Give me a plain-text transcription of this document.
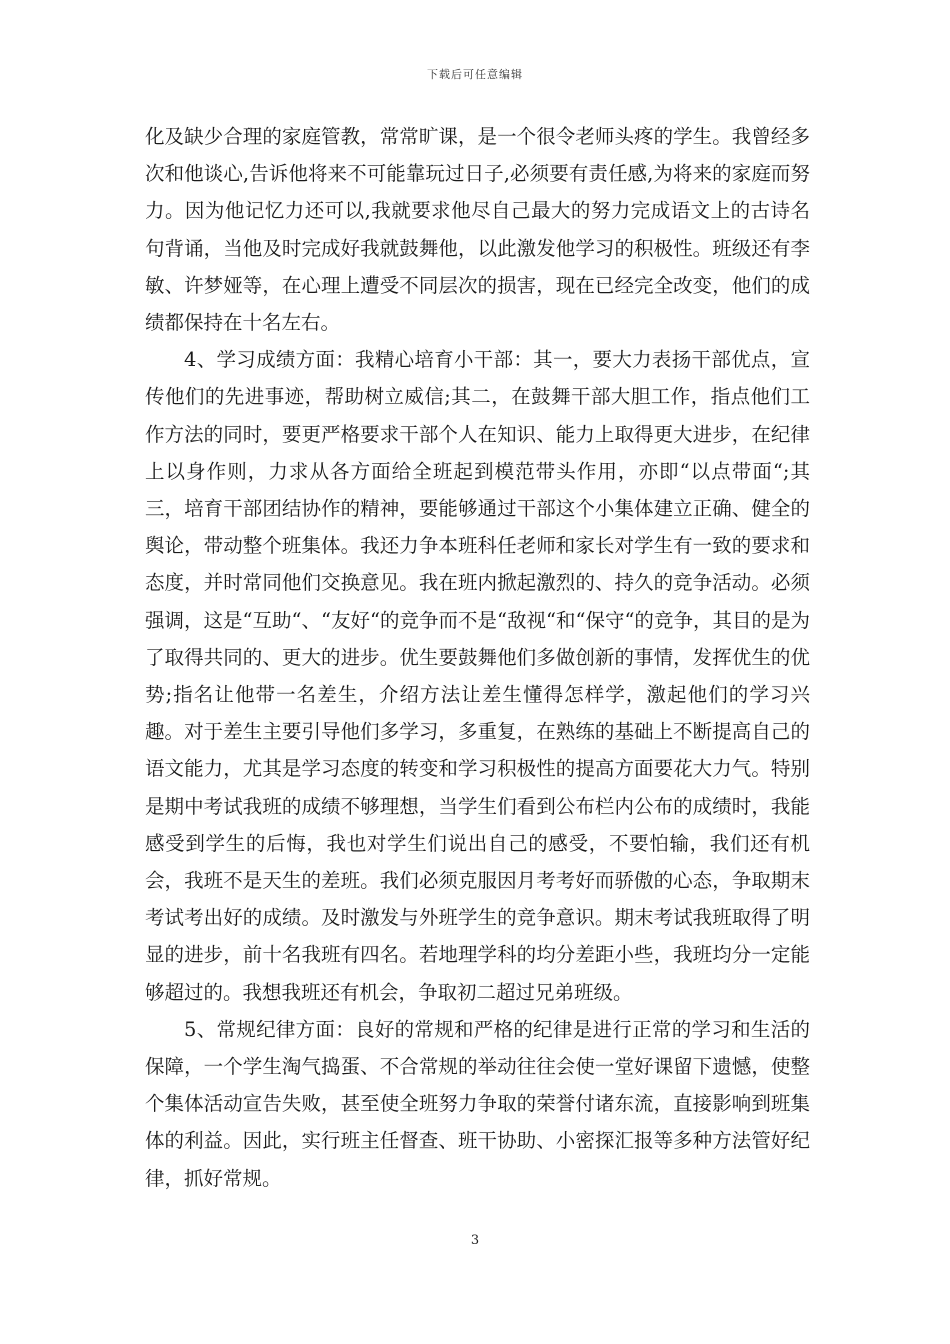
下载后可任意编辑

化及缺少合理的家庭管教，常常旷课，是一个很令老师头疼的学生。我曾经多次和他谈心,告诉他将来不可能靠玩过日子,必须要有责任感,为将来的家庭而努力。因为他记忆力还可以,我就要求他尽自己最大的努力完成语文上的古诗名句背诵，当他及时完成好我就鼓舞他，以此激发他学习的积极性。班级还有李敏、许梦娅等，在心理上遭受不同层次的损害，现在已经完全改变，他们的成绩都保持在十名左右。

4、学习成绩方面：我精心培育小干部：其一，要大力表扬干部优点，宣传他们的先进事迹，帮助树立威信;其二，在鼓舞干部大胆工作，指点他们工作方法的同时，要更严格要求干部个人在知识、能力上取得更大进步，在纪律上以身作则，力求从各方面给全班起到模范带头作用，亦即“以点带面“;其三，培育干部团结协作的精神，要能够通过干部这个小集体建立正确、健全的舆论，带动整个班集体。我还力争本班科任老师和家长对学生有一致的要求和态度，并时常同他们交换意见。我在班内掀起激烈的、持久的竞争活动。必须强调，这是“互助“、“友好“的竞争而不是“敌视“和“保守“的竞争，其目的是为了取得共同的、更大的进步。优生要鼓舞他们多做创新的事情，发挥优生的优势;指名让他带一名差生，介绍方法让差生懂得怎样学，激起他们的学习兴趣。对于差生主要引导他们多学习，多重复，在熟练的基础上不断提高自己的语文能力，尤其是学习态度的转变和学习积极性的提高方面要花大力气。特别是期中考试我班的成绩不够理想，当学生们看到公布栏内公布的成绩时，我能感受到学生的后悔，我也对学生们说出自己的感受，不要怕输，我们还有机会，我班不是天生的差班。我们必须克服因月考考好而骄傲的心态，争取期末考试考出好的成绩。及时激发与外班学生的竞争意识。期末考试我班取得了明显的进步，前十名我班有四名。若地理学科的均分差距小些，我班均分一定能够超过的。我想我班还有机会，争取初二超过兄弟班级。

5、常规纪律方面：良好的常规和严格的纪律是进行正常的学习和生活的保障，一个学生淘气捣蛋、不合常规的举动往往会使一堂好课留下遗憾，使整个集体活动宣告失败，甚至使全班努力争取的荣誉付诸东流，直接影响到班集体的利益。因此，实行班主任督查、班干协助、小密探汇报等多种方法管好纪律，抓好常规。

3
